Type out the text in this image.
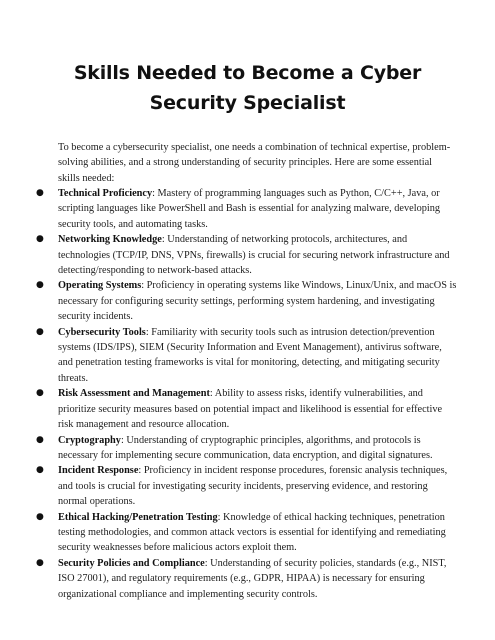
Skills Needed to Become a Cyber
Security Specialist

To become a cybersecurity specialist, one needs a combination of technical expertise, problem-solving abilities, and a strong understanding of security principles. Here are some essential skills needed:

● Technical Proficiency: Mastery of programming languages such as Python, C/C++, Java, or scripting languages like PowerShell and Bash is essential for analyzing malware, developing security tools, and automating tasks.
● Networking Knowledge: Understanding of networking protocols, architectures, and technologies (TCP/IP, DNS, VPNs, firewalls) is crucial for securing network infrastructure and detecting/responding to network-based attacks.
● Operating Systems: Proficiency in operating systems like Windows, Linux/Unix, and macOS is necessary for configuring security settings, performing system hardening, and investigating security incidents.
● Cybersecurity Tools: Familiarity with security tools such as intrusion detection/prevention systems (IDS/IPS), SIEM (Security Information and Event Management), antivirus software, and penetration testing frameworks is vital for monitoring, detecting, and mitigating security threats.
● Risk Assessment and Management: Ability to assess risks, identify vulnerabilities, and prioritize security measures based on potential impact and likelihood is essential for effective risk management and resource allocation.
● Cryptography: Understanding of cryptographic principles, algorithms, and protocols is necessary for implementing secure communication, data encryption, and digital signatures.
● Incident Response: Proficiency in incident response procedures, forensic analysis techniques, and tools is crucial for investigating security incidents, preserving evidence, and restoring normal operations.
● Ethical Hacking/Penetration Testing: Knowledge of ethical hacking techniques, penetration testing methodologies, and common attack vectors is essential for identifying and remediating security weaknesses before malicious actors exploit them.
● Security Policies and Compliance: Understanding of security policies, standards (e.g., NIST, ISO 27001), and regulatory requirements (e.g., GDPR, HIPAA) is necessary for ensuring organizational compliance and implementing security controls.
